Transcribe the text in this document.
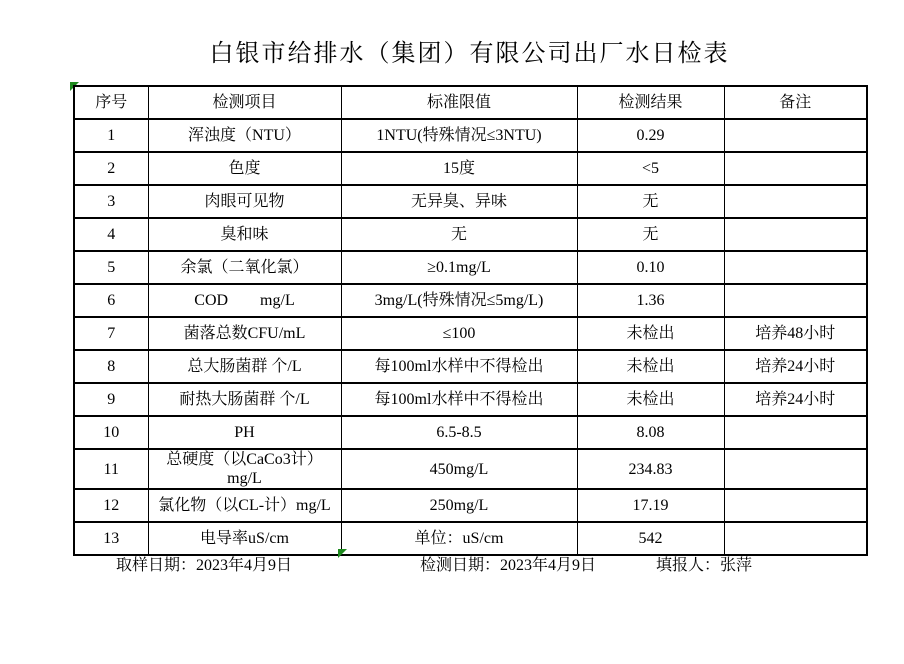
白银市给排水（集团）有限公司出厂水日检表
序号	检测项目	标准限值	检测结果	备注
1	浑浊度（NTU）	1NTU(特殊情况≤3NTU)	0.29	
2	色度	15度	<5	
3	肉眼可见物	无异臭、异味	无	
4	臭和味	无	无	
5	余氯（二氧化氯）	≥0.1mg/L	0.10	
6	COD        mg/L	3mg/L(特殊情况≤5mg/L)	1.36	
7	菌落总数CFU/mL	≤100	未检出	培养48小时
8	总大肠菌群 个/L	每100ml水样中不得检出	未检出	培养24小时
9	耐热大肠菌群 个/L	每100ml水样中不得检出	未检出	培养24小时
10	PH	6.5-8.5	8.08	
11	总硬度（以CaCo3计）mg/L	450mg/L	234.83	
12	氯化物（以CL-计）mg/L	250mg/L	17.19	
13	电导率uS/cm	单位：uS/cm	542	
取样日期：2023年4月9日	检测日期：2023年4月9日	填报人：张萍
